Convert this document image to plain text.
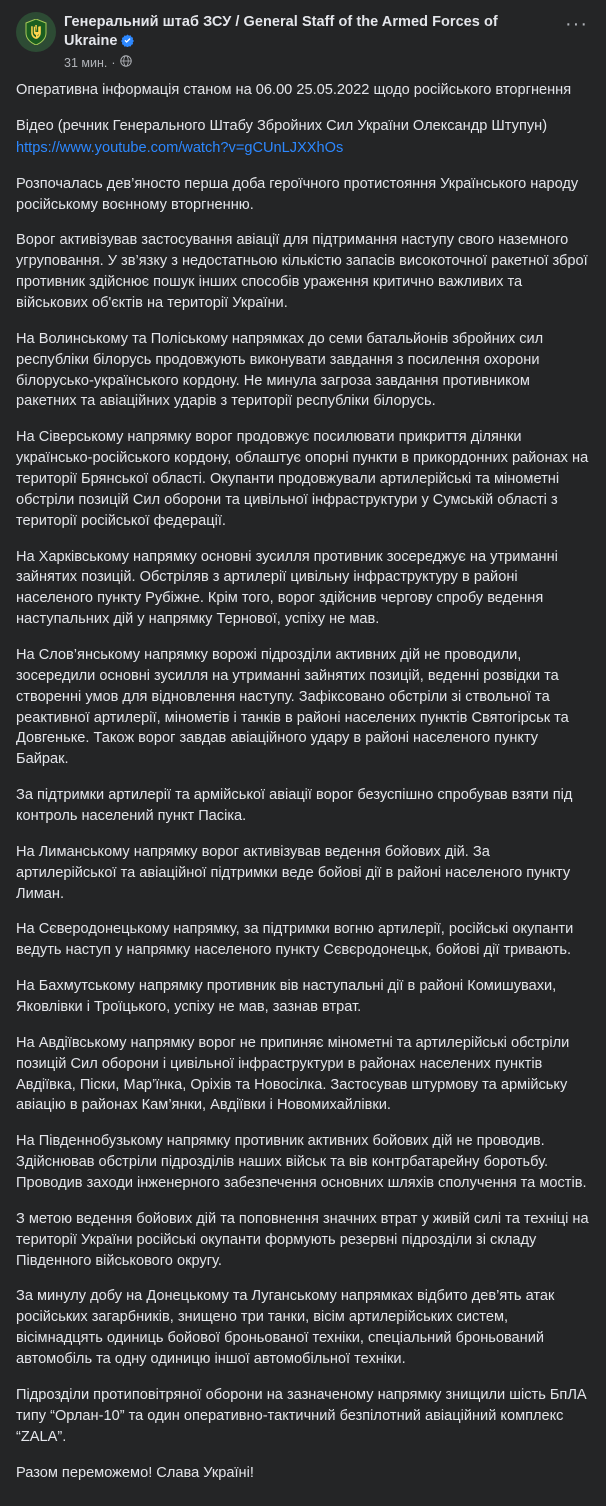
Генеральний штаб ЗСУ / General Staff of the Armed Forces of Ukraine
31 мин. ·
···

Оперативна інформація станом на 06.00 25.05.2022 щодо російського вторгнення

Відео (речник Генерального Штабу Збройних Сил України Олександр Штупун)

https://www.youtube.com/watch?v=gCUnLJXXhOs

Розпочалась дев’яносто перша доба героїчного протистояння Українського народу російському воєнному вторгненню.

Ворог активізував застосування авіації для підтримання наступу свого наземного угруповання. У зв’язку з недостатньою кількістю запасів високоточної ракетної зброї противник здійснює пошук інших способів ураження критично важливих та військових об'єктів на території України.

На Волинському та Поліському напрямках до семи батальйонів збройних сил республіки білорусь продовжують виконувати завдання з посилення охорони білорусько-українського кордону. Не минула загроза завдання противником ракетних та авіаційних ударів з території республіки білорусь.

На Сіверському напрямку ворог продовжує посилювати прикриття ділянки українсько-російського кордону, облаштує опорні пункти в прикордонних районах на території Брянської області. Окупанти продовжували артилерійські та мінометні обстріли позицій Сил оборони та цивільної інфраструктури у Сумській області з території російської федерації.

На Харківському напрямку основні зусилля противник зосереджує на утриманні зайнятих позицій. Обстріляв з артилерії цивільну інфраструктуру в районі населеного пункту Рубіжне. Крім того, ворог здійснив чергову спробу ведення наступальних дій у напрямку Тернової, успіху не мав.

На Слов’янському напрямку ворожі підрозділи активних дій не проводили, зосередили основні зусилля на утриманні зайнятих позицій, веденні розвідки та створенні умов для відновлення наступу. Зафіксовано обстріли зі ствольної та реактивної артилерії, мінометів і танків в районі населених пунктів Святогірськ та Довгеньке. Також ворог завдав авіаційного удару в районі населеного пункту Байрак.

За підтримки артилерії та армійської авіації ворог безуспішно спробував взяти під контроль населений пункт Пасіка.

На Лиманському напрямку ворог активізував ведення бойових дій. За артилерійської та авіаційної підтримки веде бойові дії в районі населеного пункту Лиман.

На Сєверодонецькому напрямку, за підтримки вогню артилерії, російські окупанти ведуть наступ у напрямку населеного пункту Сєвєродонецьк, бойові дії тривають.

На Бахмутському напрямку противник вів наступальні дії в районі Комишувахи, Яковлівки і Троїцького, успіху не мав, зазнав втрат.

На Авдіївському напрямку ворог не припиняє мінометні та артилерійські обстріли позицій Сил оборони і цивільної інфраструктури в районах населених пунктів Авдіївка, Піски, Мар’їнка, Оріхів та Новосілка. Застосував штурмову та армійську авіацію в районах Кам’янки, Авдіївки і Новомихайлівки.

На Південнобузькому напрямку противник активних бойових дій не проводив. Здійснював обстріли підрозділів наших військ та вів контрбатарейну боротьбу. Проводив заходи інженерного забезпечення основних шляхів сполучення та мостів.

З метою ведення бойових дій та поповнення значних втрат у живій силі та техніці на території України російські окупанти формують резервні підрозділи зі складу Південного військового округу.

За минулу добу на Донецькому та Луганському напрямках відбито дев’ять атак російських загарбників, знищено три танки, вісім артилерійських систем, вісімнадцять одиниць бойової броньованої техніки, спеціальний броньований автомобіль та одну одиницю іншої автомобільної техніки.

Підрозділи протиповітряної оборони на зазначеному напрямку знищили шість БпЛА типу “Орлан-10” та один оперативно-тактичний безпілотний авіаційний комплекс “ZALA”.

Разом переможемо! Слава Україні!
